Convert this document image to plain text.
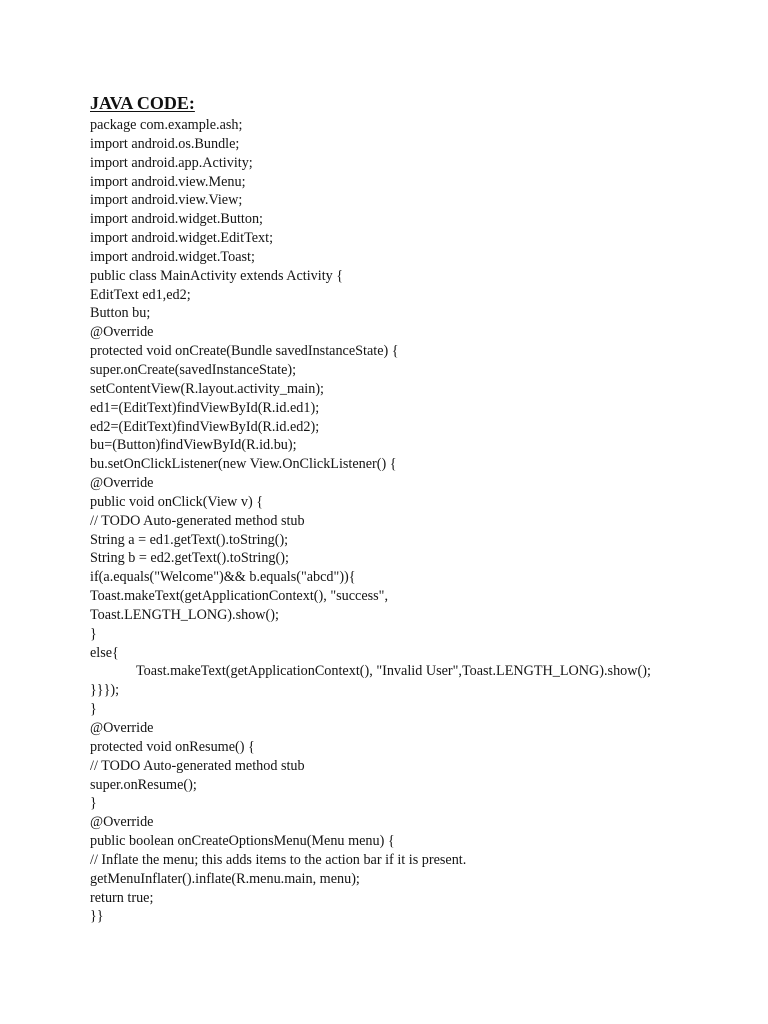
JAVA CODE:
package com.example.ash;
import android.os.Bundle;
import android.app.Activity;
import android.view.Menu;
import android.view.View;
import android.widget.Button;
import android.widget.EditText;
import android.widget.Toast;
public class MainActivity extends Activity {
EditText ed1,ed2;
Button bu;
@Override
protected void onCreate(Bundle savedInstanceState) {
super.onCreate(savedInstanceState);
setContentView(R.layout.activity_main);
ed1=(EditText)findViewById(R.id.ed1);
ed2=(EditText)findViewById(R.id.ed2);
bu=(Button)findViewById(R.id.bu);
bu.setOnClickListener(new View.OnClickListener() {
@Override
public void onClick(View v) {
// TODO Auto-generated method stub
String a = ed1.getText().toString();
String b = ed2.getText().toString();
if(a.equals("Welcome")&& b.equals("abcd")){
Toast.makeText(getApplicationContext(), "success",
Toast.LENGTH_LONG).show();
}
else{
Toast.makeText(getApplicationContext(), "Invalid User",Toast.LENGTH_LONG).show();
}}});
}
@Override
protected void onResume() {
// TODO Auto-generated method stub
super.onResume();
}
@Override
public boolean onCreateOptionsMenu(Menu menu) {
// Inflate the menu; this adds items to the action bar if it is present.
getMenuInflater().inflate(R.menu.main, menu);
return true;
}}
